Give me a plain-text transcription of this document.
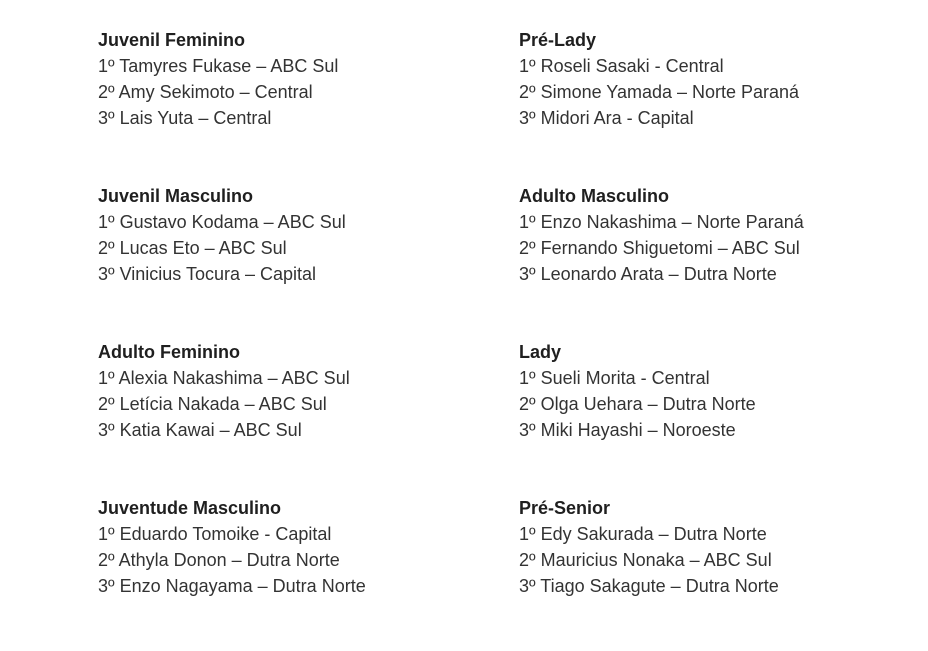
Juvenil Feminino

1º Tamyres Fukase – ABC Sul

2º Amy Sekimoto – Central

3º Lais Yuta – Central

Juvenil Masculino

1º Gustavo Kodama – ABC Sul

2º Lucas Eto – ABC Sul

3º Vinicius Tocura – Capital

Adulto Feminino

1º Alexia Nakashima – ABC Sul

2º Letícia Nakada – ABC Sul

3º Katia Kawai – ABC Sul

Juventude Masculino

1º Eduardo Tomoike - Capital

2º Athyla Donon – Dutra Norte

3º Enzo Nagayama – Dutra Norte

Pré-Lady

1º Roseli Sasaki - Central

2º Simone Yamada – Norte Paraná

3º Midori Ara - Capital

Adulto Masculino

1º Enzo Nakashima – Norte Paraná

2º Fernando Shiguetomi – ABC Sul

3º Leonardo Arata – Dutra Norte

Lady

1º Sueli Morita - Central

2º Olga Uehara – Dutra Norte

3º Miki Hayashi – Noroeste

Pré-Senior

1º Edy Sakurada – Dutra Norte

2º Mauricius Nonaka – ABC Sul

3º Tiago Sakagute – Dutra Norte
